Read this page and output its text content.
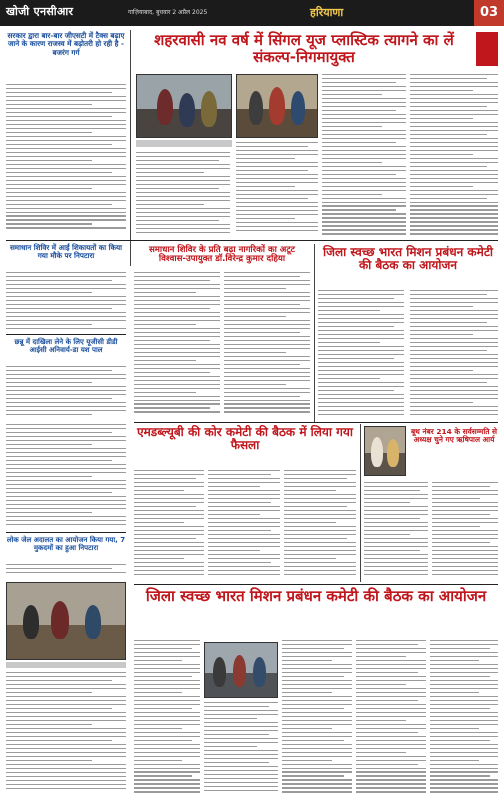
खोजी एनसीआर	गाज़ियाबाद, बुधवार 2 अप्रैल 2025	हरियाणा	03
सरकार द्वारा बार-बार जीएसटी में टैक्स बढ़ाए जाने के कारण राजस्व में बढ़ोतरी हो रही है - बजरंग गर्ग
शहरवासी नव वर्ष में सिंगल यूज प्लास्टिक त्यागने का लें संकल्प-निगमायुक्त
समाधान शिविर में आईं शिकायतों का किया गया मौके पर निपटारा
छन्नू में दाखिला लेने के लिए यूजीसी डीडी आईसी अनिवार्य-डा यश पाल
समाधान शिविर के प्रति बढ़ा नागरिकों का अटूट विश्वास-उपायुक्त डॉ.विरेन्द्र कुमार दहिया
जिला स्वच्छ भारत मिशन प्रबंधन कमेटी की बैठक का आयोजन
एमडब्ल्यूबी की कोर कमेटी की बैठक में लिया गया फैसला
लोक जेल अदालत का आयोजन किया गया, 7 मुकदमों का हुआ निपटारा
बूथ नंबर 214 के सर्वसम्मति से अध्यक्ष चुने गए ऋषिपाल आर्य
जिला स्वच्छ भारत मिशन प्रबंधन कमेटी की बैठक का आयोजन
